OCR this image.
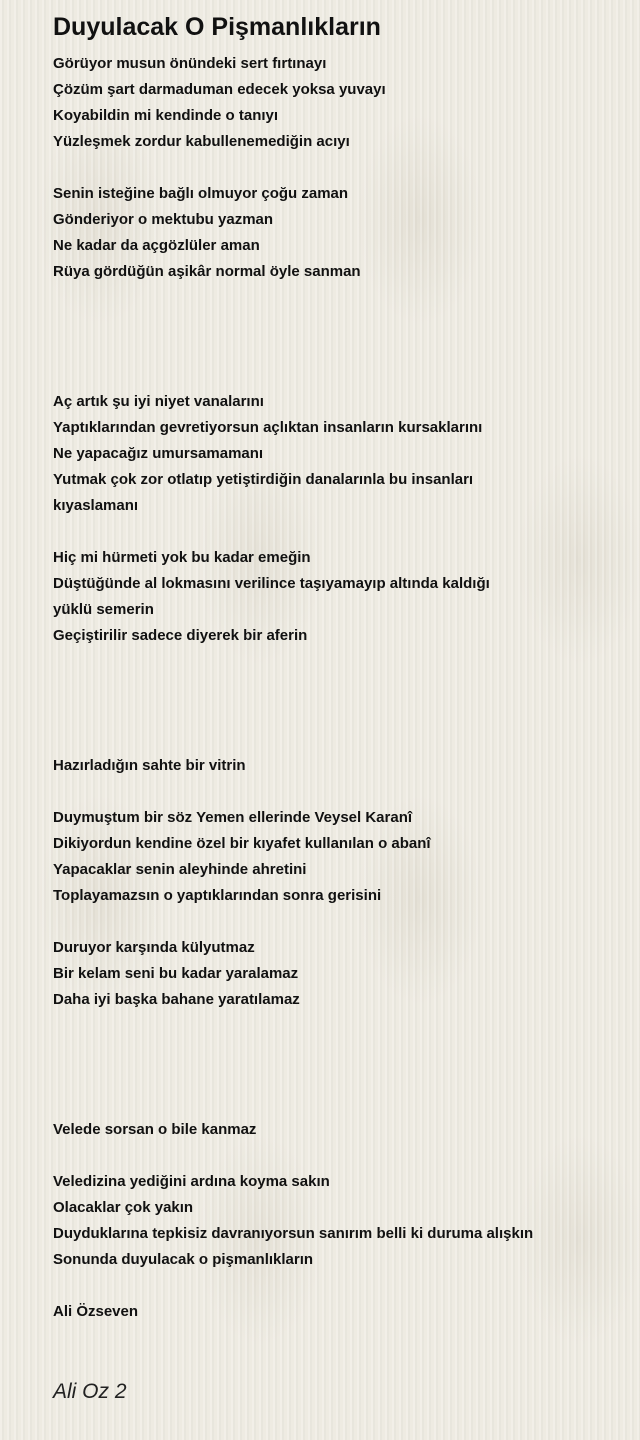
Duyulacak O Pişmanlıkların
Görüyor musun önündeki sert fırtınayı
Çözüm şart darmaduman edecek yoksa yuvayı
Koyabildin mi kendinde o tanıyı
Yüzleşmek zordur kabullenemediğin acıyı
Senin isteğine bağlı olmuyor çoğu zaman
Gönderiyor o mektubu yazman
Ne kadar da açgözlüler aman
Rüya gördüğün aşikâr normal öyle sanman
Aç artık şu iyi niyet vanalarını
Yaptıklarından gevretiyorsun açlıktan insanların kursaklarını
Ne yapacağız umursamamanı
Yutmak çok zor otlatıp yetiştirdiğin danalarınla bu insanları
kıyaslamanı
Hiç mi hürmeti yok bu kadar emeğin
Düştüğünde al lokmasını verilince taşıyamayıp altında kaldığı
yüklü semerin
Geçiştirilir sadece diyerek bir aferin
Hazırladığın sahte bir vitrin
Duymuştum bir söz Yemen ellerinde Veysel Karanî
Dikiyordun kendine özel bir kıyafet kullanılan o abanî
Yapacaklar senin aleyhinde ahretini
Toplayamazsın o yaptıklarından sonra gerisini
Duruyor karşında külyutmaz
Bir kelam seni bu kadar yaralamaz
Daha iyi başka bahane yaratılamaz
Velede sorsan o bile kanmaz
Veledizina yediğini ardına koyma sakın
Olacaklar çok yakın
Duyduklarına tepkisiz davranıyorsun sanırım belli ki duruma alışkın
Sonunda duyulacak o pişmanlıkların
Ali Özseven
Ali Oz 2
